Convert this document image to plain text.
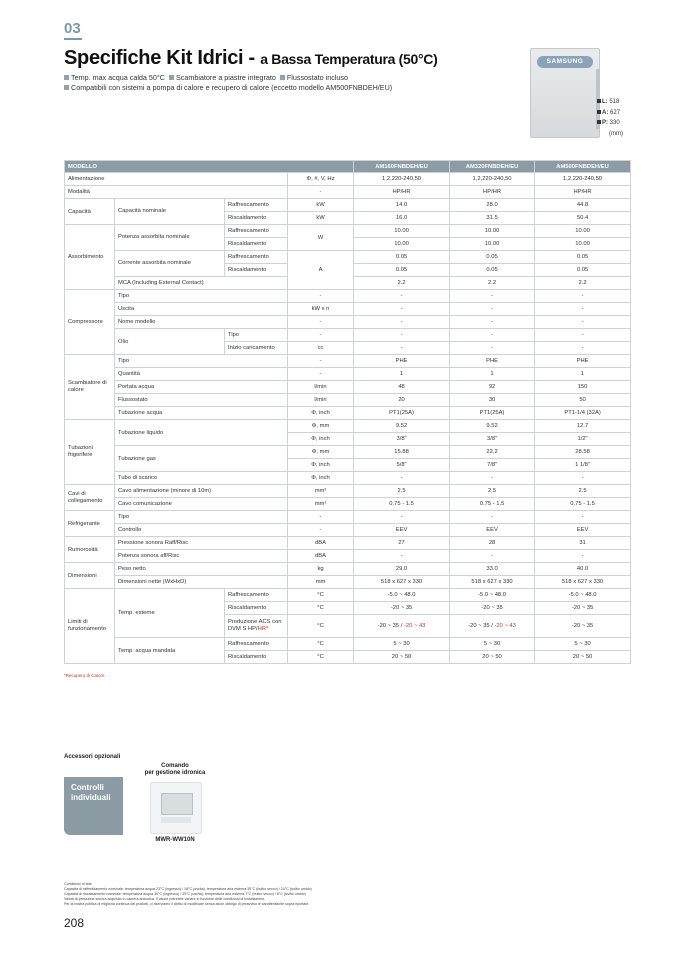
03
Specifiche Kit Idrici - a Bassa Temperatura (50°C)
Temp. max acqua calda 50°C Scambiatore a piastre integrato Flussostato incluso
Compatibili con sistemi a pompa di calore e recupero di calore (eccetto modello AM500FNBDEH/EU)
SAMSUNG
L: 518
A: 627
P: 330
(mm)
MODELLO				AM160FNBDEH/EU	AM320FNBDEH/EU	AM500FNBDEH/EU
Alimentazione			Φ, #, V, Hz	1,2,220-240,50	1,2,220-240,50	1,2,220-240,50
Modalità			-	HP/HR	HP/HR	HP/HR
Capacità	Capacità nominale	Raffrescamento	kW	14.0	28.0	44.8
		Riscaldamento	kW	16.0	31.5	50.4
Assorbimento	Potenza assorbita nominale	Raffrescamento	W	10.00	10.00	10.00
		Riscaldamento		10.00	10.00	10.00
	Corrente assorbita nominale	Raffrescamento	A	0.05	0.05	0.05
		Riscaldamento		0.05	0.05	0.05
	MCA (Including External Contact)			2.2	2.2	2.2
Compressore	Tipo		-	-	-	-
	Uscita		kW x n	-	-	-
	Nome modello		-	-	-	-
	Olio	Tipo	-	-	-	-
		Inizio caricamento	cc	-	-	-
Scambiatore di calore	Tipo		-	PHE	PHE	PHE
	Quantità		-	1	1	1
	Portata acqua		l/min	48	92	150
	Flussostato		l/min	20	30	50
	Tubazione acqua		Φ, inch	PT1(25A)	PT1(25A)	PT1-1/4 (32A)
Tubazioni frigorifere	Tubazione liquido		Φ, mm	9.52	9.52	12.7
			Φ, inch	3/8"	3/8"	1/2"
	Tubazione gas		Φ, mm	15.88	22.2	28.58
			Φ, inch	5/8"	7/8"	1 1/8"
	Tubo di scarico		Φ, inch	-	-	-
Cavi di collegamento	Cavo alimentazione (minore di 10m)		mm²	2.5	2.5	2.5
	Cavo comunicazione		mm²	0.75 - 1.5	0.75 - 1.5	0.75 - 1.5
Refrigerante	Tipo		-	-	-	-
	Controllo		-	EEV	EEV	EEV
Rumorosità	Pressione sonora Raff/Risc		dBA	27	28	31
	Potenza sonora aff/Risc		dBA	-	-	-
Dimensioni	Peso netto		kg	29.0	33.0	40.0
	Dimensioni nette (WxHxD)		mm	518 x 627 x 330	518 x 627 x 330	518 x 627 x 330
Limiti di funzionamento	Temp. esterne	Raffrescamento	°C	-5.0 ~ 48.0	-5.0 ~ 48.0	-5.0 ~ 48.0
		Riscaldamento	°C	-20 ~ 35	-20 ~ 35	-20 ~ 35
		Produzione ACS con DVM S HP/HR*	°C	-20 ~ 35 / -20 ~ 43	-20 ~ 35 / -20 ~ 43	-20 ~ 35
	Temp. acqua mandata	Raffrescamento	°C	5 ~ 30	5 ~ 30	5 ~ 30
		Riscaldamento	°C	20 ~ 50	20 ~ 50	20 ~ 50
*Recupero di Calore
Accessori opzionali
Controlli
individuali
Comando
per gestione idronica
MWR-WW10N
Condizioni di test:
Capacità di raffreddamento nominale: temperatura acqua 23°C (ingresso) / 18°C (uscita), temperatura aria esterna 35°C (bulbo secco) / 24°C (bulbo umido)
Capacità di riscaldamento nominale: temperatura acqua 30°C (ingresso) / 35°C (uscita), temperatura aria esterna 7°C (bulbo secco) / 6°C (bulbo umido)
Valore di pressione sonora acquisito in camera anecoica. Il valore potrebbe variare in funzione delle condizioni di installazione.
Per la nostra politica di miglioria continua dei prodotti, ci riserviamo il diritto di modificare senza alcun obbligo di preavviso le caratteristiche sopra riportate.
208
